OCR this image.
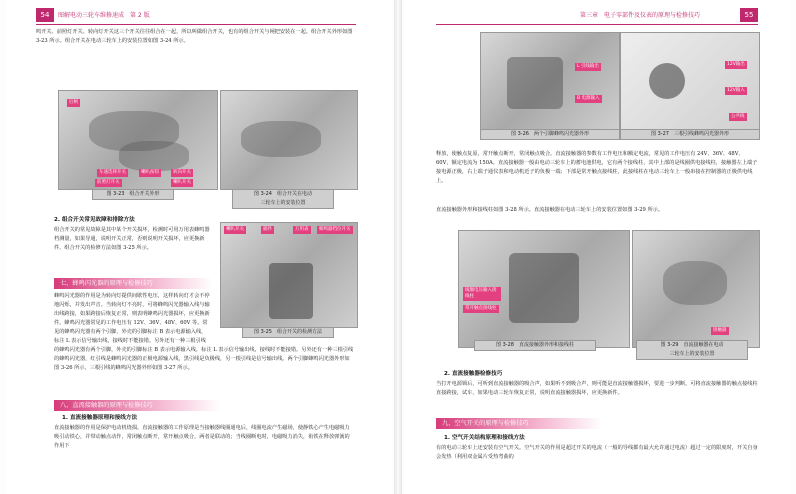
54	图解电动三轮车维修速成　第 2 版
鸣开关、前照灯开关、转向灯开关这三个开关往往组合在一起，所以叫做组合开关，也有的组合开关与闸把安装在一起。组合开关外形如图 3-23 所示。组合开关在电动三轮车上的安装位置如图 3-24 所示。
后闸
车速选择开关	喇叭按钮	转向开关
前照灯开关	喇叭开关
图 3-23　组合开关外形	图 3-24　组合开关在电动
三轮车上的安装位置
2. 组合开关常见故障和排除方法
组合开关的常见故障是其中某个开关损坏，检测时可用万用表蜂鸣器档测量，如果导通，说明开关正常，否则说明开关损坏，应更换新件。组合开关的检修方法如图 3-25 所示。
喇叭开关	插件	万用表	蜂鸣器档位开关
图 3-25　组合开关的检测方法
七、蜂鸣闪光器的原理与检修技巧
蜂鸣闪光器的作用是为转向灯提供间歇性电压，这样转向灯才会不停地闪烁，并发出声音。当转向灯不亮时，可将蜂鸣闪光器输入线与输出线跨接，如果跨接后恢复正常，则表明蜂鸣闪光器损坏，应更换新件。蜂鸣闪光器常见的工作电压有 12V、36V、48V、60V 等。常见的蜂鸣闪光器有两个引脚，外壳的引脚标注 B 表示电源输入线，标注 L 表示信号输出线，接线时不能接错。另外还有一种三根引线
的蜂鸣闪光器有两个引脚，外壳的引脚标注 B 表示电源输入线，标注 L 表示信号输出线，接线时不能接错。另外还有一种三根引线的蜂鸣闪光器，红引线是蜂鸣闪光器的正极电源输入线，黑引线是负极线，另一根引线是信号输出线。两个引脚蜂鸣闪光器外形如图 3-26 所示，三根引线的蜂鸣闪光器外形如图 3-27 所示。
八、直流接触器的原理与检修技巧
1. 直流接触器原理和接线方法
直流接触器的作用是保护电动机烧损。直流接触器的工作原理是当接触器线圈通电后，线圈电流产生磁场，使静铁心产生电磁吸力吸引动铁心，并带动触点动作，常闭触点断开，常开触点吸合，两者是联动的；当线圈断电时，电磁吸力消失，衔铁在释放弹簧的作用下
第三章　电子零部件及仪表的原理与检修技巧	55
L 引线输出
B 电源输入
图 3-26　两个引脚蜂鸣闪光器外形
12V输出
12V输入
公共线
图 3-27　三根引线蜂鸣闪光器外形
释放，使触点复原，常开触点断开，常闭触点吸合。直流接触器的参数有工作电压和额定电流，常见的工作电压有 24V、36V、48V、60V，额定电流为 150A。直流接触器一般由电动三轮车上的蓄电池供电，它有两个接线柱，其中上部的是线圈供电接线柱，接触器左上端子接电源正极，右上端子通仪表和电动机近子的负极一端；下部是常开触点接线柱，此接线柱在电动三轮车上一般串接在控制器的正极供电线上。
直流接触器外形和接线柱如图 3-28 所示。直流接触器在电动三轮车上的安装位置如图 3-29 所示。
线圈电压输入接线柱
常开触点接线柱
图 3-28　直流接触器外形和接线柱
接触器
图 3-29　直流接触器在电动
三轮车上的安装位置
2. 直流接触器检修技巧
当打开电源锁后，可听到直流接触器的吸合声，如果听不到吸合声，则可能是直流接触器损坏，要进一步判断。可将直流接触器的触点接线柱直接跨接，试车，如果电动三轮车恢复正常，说明直流接触器损坏，应更换新件。
九、空气开关的原理与检修技巧
1. 空气开关结构原理和接线方法
有的电动三轮车上还安装有空气开关。空气开关的作用是超过开关的电流（一般的导线都有最大允许通过电流）超过一定的限度时，开关自身会发热（利用双金属片受热弯曲的
